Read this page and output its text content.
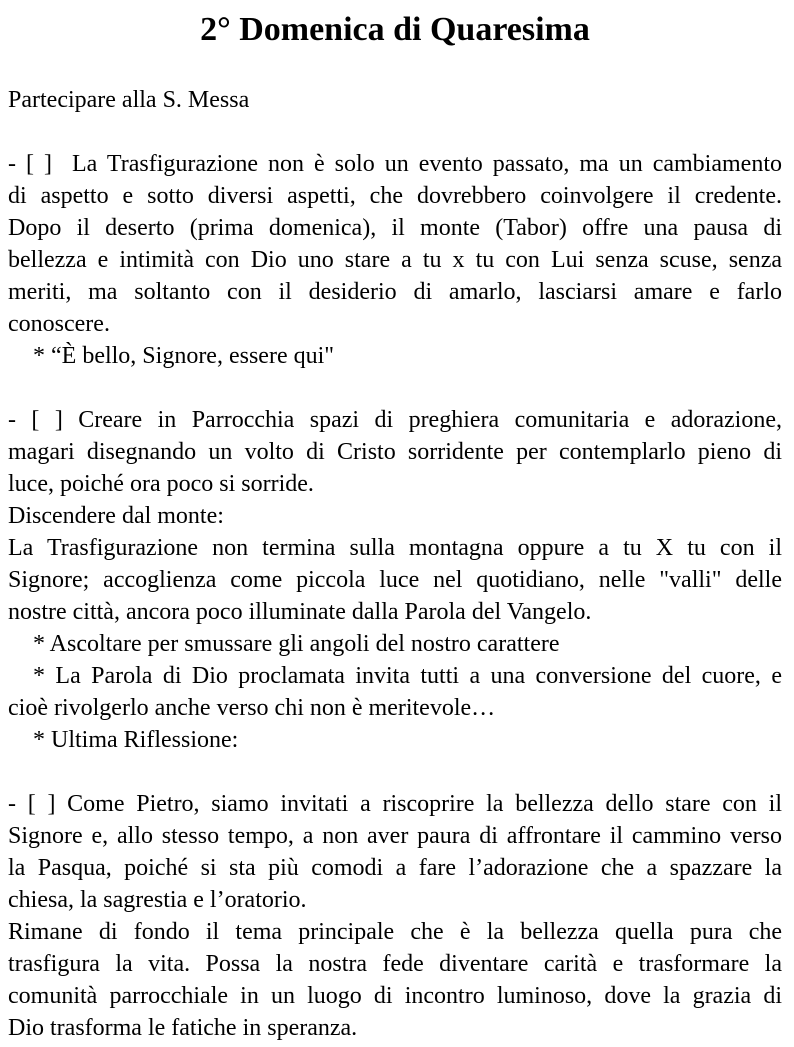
2° Domenica di Quaresima
Partecipare alla S. Messa
- [ ]  La Trasfigurazione non è solo un evento passato, ma un cambiamento
di aspetto e sotto diversi aspetti, che dovrebbero coinvolgere il credente.
Dopo il deserto (prima domenica), il monte (Tabor) offre una pausa di
bellezza e intimità con Dio uno stare a tu x tu con Lui senza scuse, senza
meriti, ma soltanto con il desiderio di amarlo, lasciarsi amare e farlo
conoscere.
* “È bello, Signore, essere qui"
- [ ] Creare in Parrocchia spazi di preghiera comunitaria e adorazione,
magari disegnando un volto di Cristo sorridente per contemplarlo pieno di
luce, poiché ora poco si sorride.
Discendere dal monte:
La Trasfigurazione non termina sulla montagna oppure a tu X tu con il
Signore; accoglienza come piccola luce nel quotidiano, nelle "valli" delle
nostre città, ancora poco illuminate dalla Parola del Vangelo.
* Ascoltare per smussare gli angoli del nostro carattere
* La Parola di Dio proclamata invita tutti a una conversione del cuore, e
cioè rivolgerlo anche verso chi non è meritevole…
* Ultima Riflessione:
- [ ] Come Pietro, siamo invitati a riscoprire la bellezza dello stare con il
Signore e, allo stesso tempo, a non aver paura di affrontare il cammino verso
la Pasqua, poiché si sta più comodi a fare l’adorazione che a spazzare la
chiesa, la sagrestia e l’oratorio.
Rimane di fondo il tema principale che è la bellezza quella pura che
trasfigura la vita. Possa la nostra fede diventare carità e trasformare la
comunità parrocchiale in un luogo di incontro luminoso, dove la grazia di
Dio trasforma le fatiche in speranza.
